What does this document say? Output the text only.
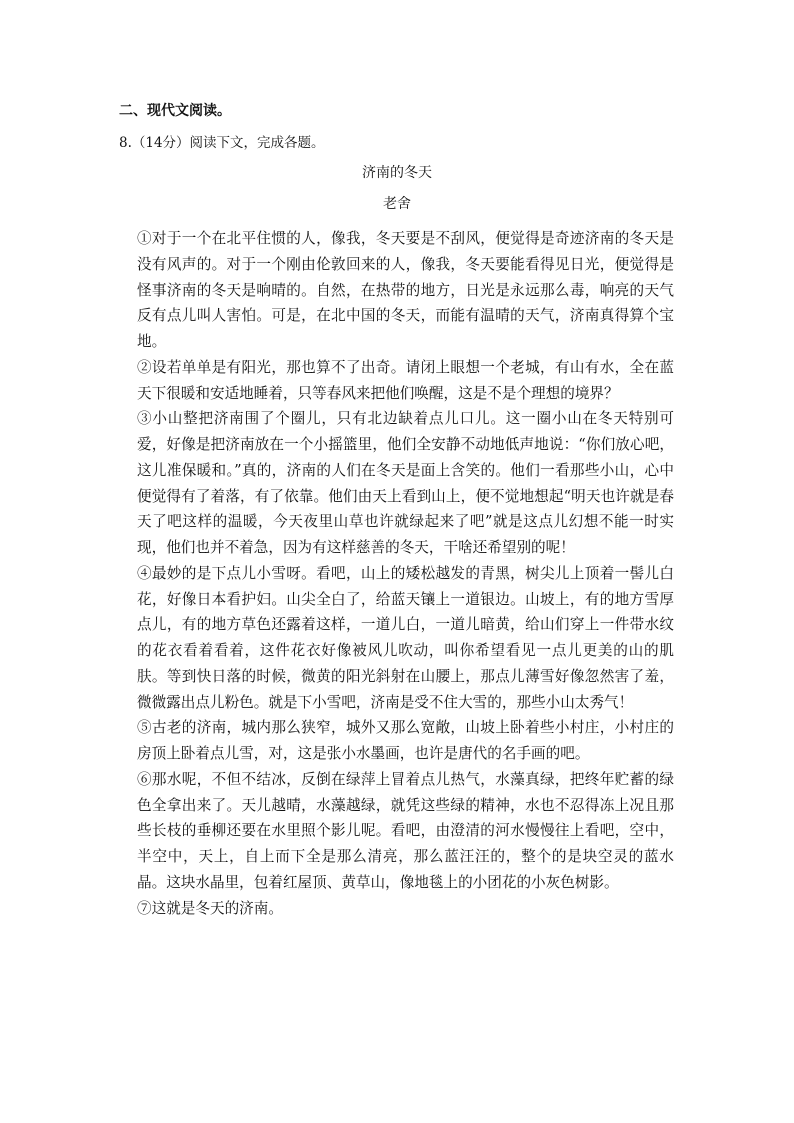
二、现代文阅读。
8.（14分）阅读下文，完成各题。
济南的冬天
老舍

①对于一个在北平住惯的人，像我，冬天要是不刮风，便觉得是奇迹济南的冬天是没有风声的。对于一个刚由伦敦回来的人，像我，冬天要能看得见日光，便觉得是怪事济南的冬天是响晴的。自然，在热带的地方，日光是永远那么毒，响亮的天气反有点儿叫人害怕。可是，在北中国的冬天，而能有温晴的天气，济南真得算个宝地。

②设若单单是有阳光，那也算不了出奇。请闭上眼想一个老城，有山有水，全在蓝天下很暖和安适地睡着，只等春风来把他们唤醒，这是不是个理想的境界？

③小山整把济南围了个圈儿，只有北边缺着点儿口儿。这一圈小山在冬天特别可爱，好像是把济南放在一个小摇篮里，他们全安静不动地低声地说：“你们放心吧，这儿准保暖和。”真的，济南的人们在冬天是面上含笑的。他们一看那些小山，心中便觉得有了着落，有了依靠。他们由天上看到山上，便不觉地想起“明天也许就是春天了吧这样的温暖，今天夜里山草也许就绿起来了吧”就是这点儿幻想不能一时实现，他们也并不着急，因为有这样慈善的冬天，干啥还希望别的呢！

④最妙的是下点儿小雪呀。看吧，山上的矮松越发的青黑，树尖儿上顶着一髻儿白花，好像日本看护妇。山尖全白了，给蓝天镶上一道银边。山坡上，有的地方雪厚点儿，有的地方草色还露着这样，一道儿白，一道儿暗黄，给山们穿上一件带水纹的花衣看着看着，这件花衣好像被风儿吹动，叫你希望看见一点儿更美的山的肌肤。等到快日落的时候，微黄的阳光斜射在山腰上，那点儿薄雪好像忽然害了羞，微微露出点儿粉色。就是下小雪吧，济南是受不住大雪的，那些小山太秀气！

⑤古老的济南，城内那么狭窄，城外又那么宽敞，山坡上卧着些小村庄，小村庄的房顶上卧着点儿雪，对，这是张小水墨画，也许是唐代的名手画的吧。

⑥那水呢，不但不结冰，反倒在绿萍上冒着点儿热气，水藻真绿，把终年贮蓄的绿色全拿出来了。天儿越晴，水藻越绿，就凭这些绿的精神，水也不忍得冻上况且那些长枝的垂柳还要在水里照个影儿呢。看吧，由澄清的河水慢慢往上看吧，空中，半空中，天上，自上而下全是那么清亮，那么蓝汪汪的，整个的是块空灵的蓝水晶。这块水晶里，包着红屋顶、黄草山，像地毯上的小团花的小灰色树影。

⑦这就是冬天的济南。
